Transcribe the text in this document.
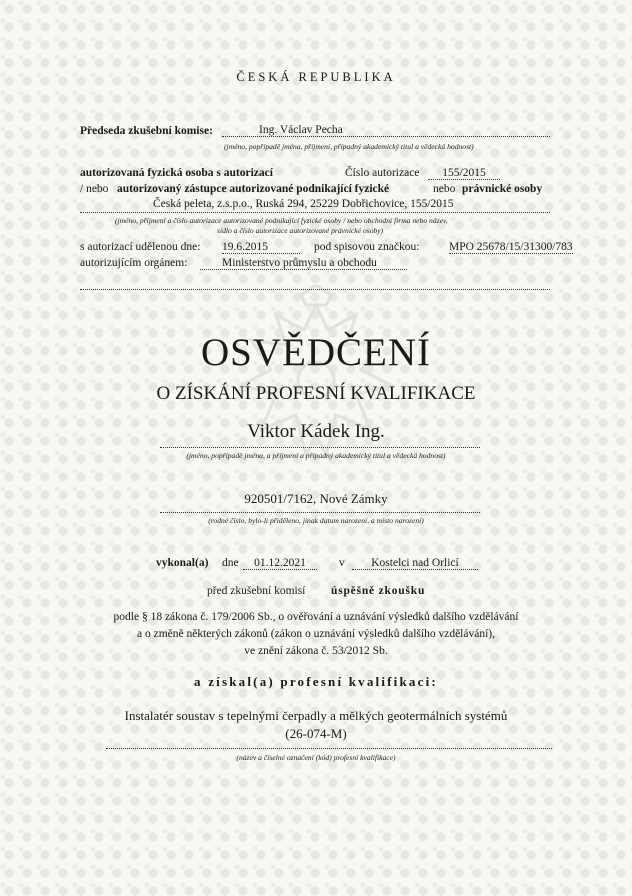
ČESKÁ REPUBLIKA
Předseda zkušební komise:	Ing. Václav Pecha
(jméno, popřípadě jména, příjmení, případný akademický titul a vědecká hodnost)
autorizovaná fyzická osoba s autorizací	Číslo autorizace	155/2015
/ nebo autorizovaný zástupce autorizované podnikající fyzické	nebo právnické osoby
Česká peleta, z.s.p.o., Ruská 294, 25229 Dobřichovice, 155/2015
(jméno, příjmení a číslo autorizace autorizované podnikající fyzické osoby / nebo obchodní firma nebo název,
sídlo a číslo autorizace autorizované právnické osoby)
s autorizací udělenou dne: 19.6.2015	pod spisovou značkou:	MPO 25678/15/31300/783
autorizujícím orgánem:	Ministerstvo průmyslu a obchodu
OSVĚDČENÍ
O ZÍSKÁNÍ PROFESNÍ KVALIFIKACE
Viktor Kádek Ing.
(jméno, popřípadě jména, a příjmení a případný akademický titul a vědecká hodnost)
920501/7162, Nové Zámky
(rodné číslo, bylo-li přiděleno, jinak datum narození, a místo narození)
vykonal(a) dne	01.12.2021	v	Kostelci nad Orlicí
před zkušební komisí úspěšně zkoušku
podle § 18 zákona č. 179/2006 Sb., o ověřování a uznávání výsledků dalšího vzdělávání
a o změně některých zákonů (zákon o uznávání výsledků dalšího vzdělávání),
ve znění zákona č. 53/2012 Sb.
a získal(a) profesní kvalifikaci:
Instalatér soustav s tepelnými čerpadly a mělkých geotermálních systémů
(26-074-M)
(název a číselné označení (kód) profesní kvalifikace)
